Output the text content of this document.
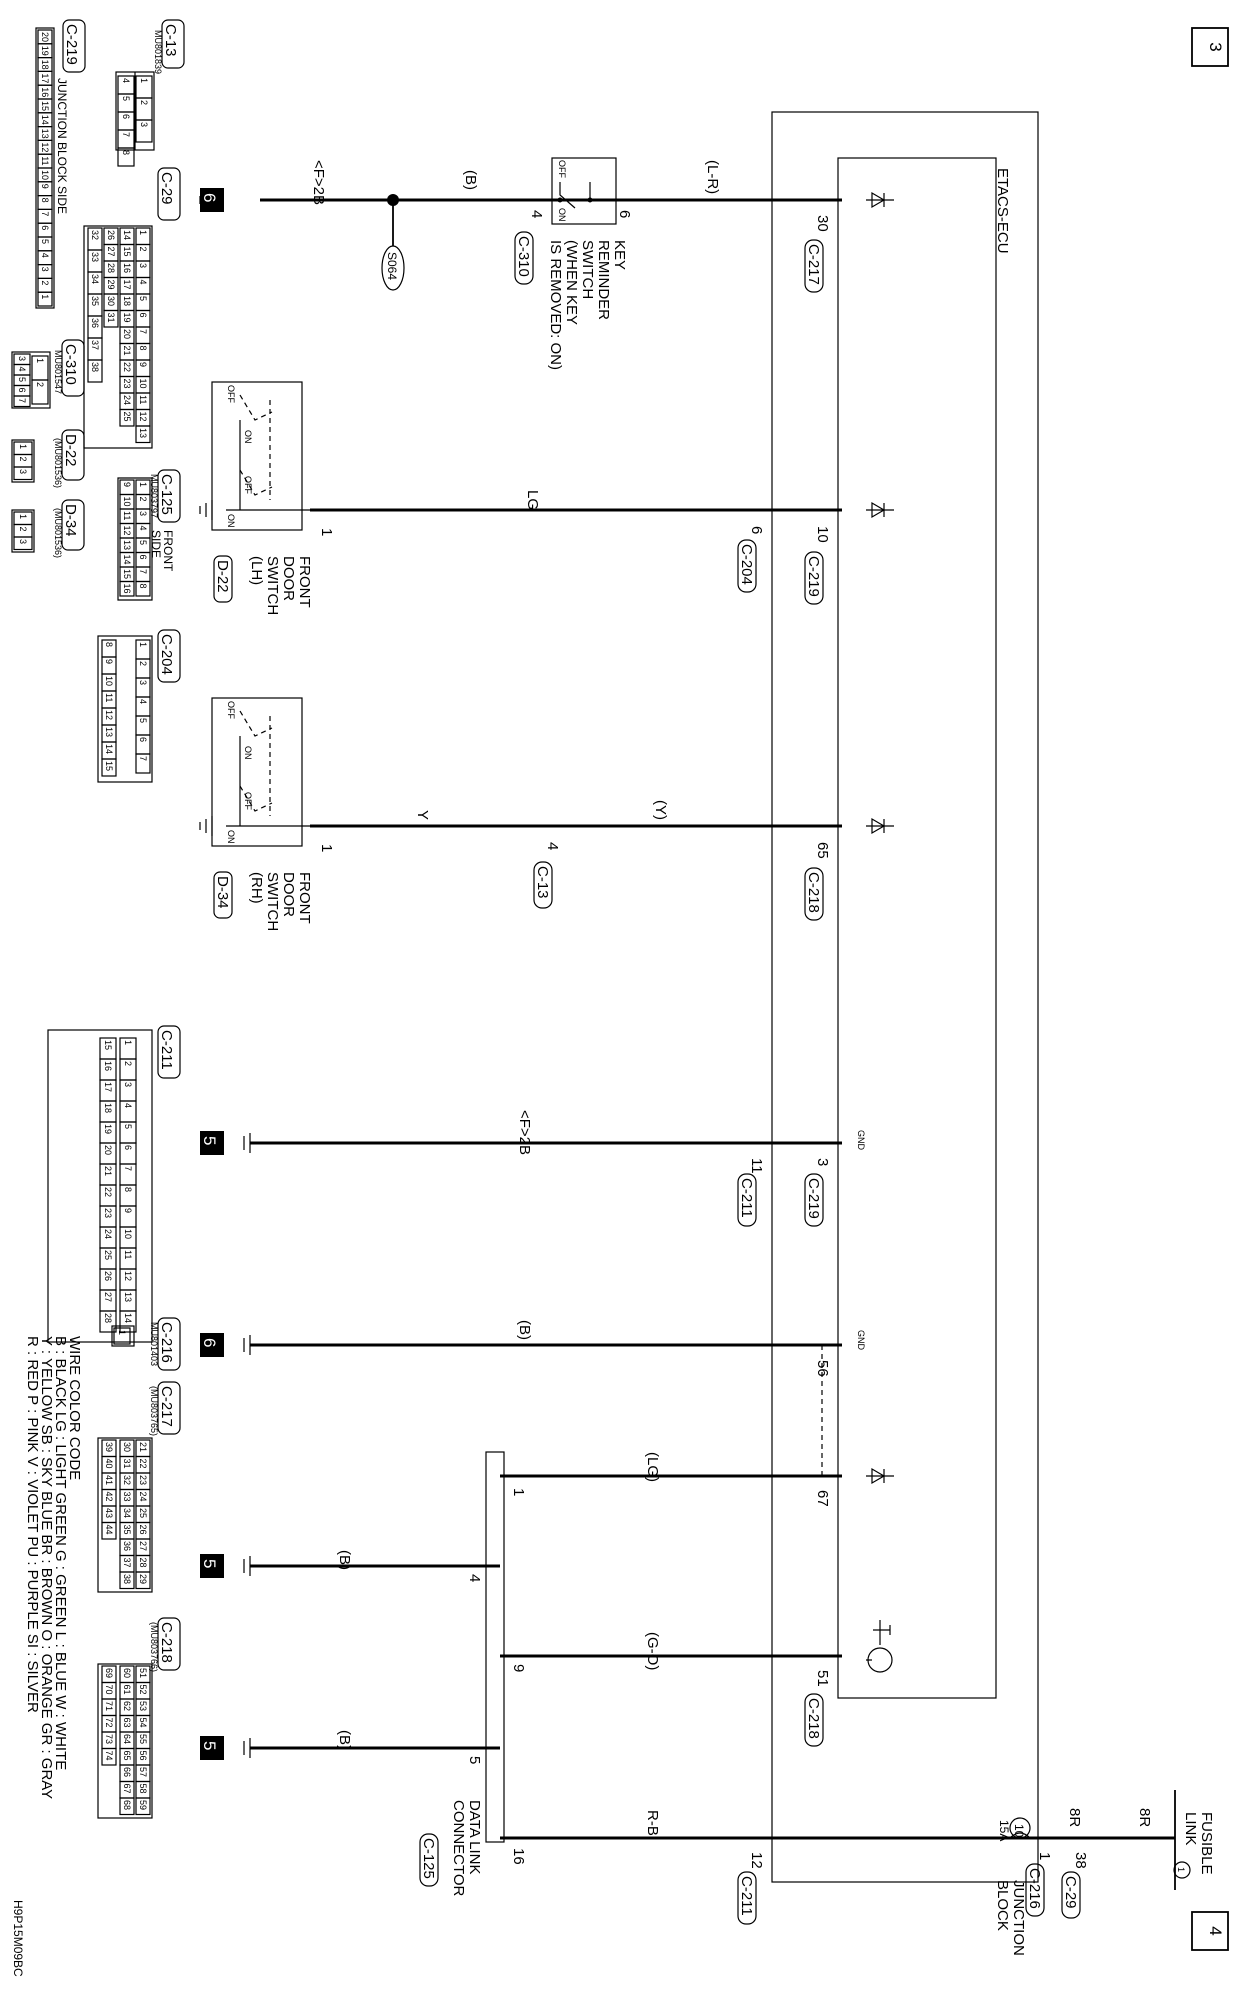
3
4
ETACS-ECU
(L-R)
(B)
<F>2B
LG
(Y)
Y
<F>2B
(B)
(LG)
(B)
(G-O)
(B)
R-B
30
C-217
10
C-219
65
C-218
3
C-219
GND
GND
56
67
51
C-218
6
C-204
11
C-211
12
C-211
4
C-13
OFF
ON	6
4
C-310	KEY
REMINDER
SWITCH
(WHEN KEY
IS REMOVED: ON)
S064
OFF
ON
OFF
ON
1
FRONT
DOOR
SWITCH
(LH)
D-22
OFF
ON
OFF
ON
1
FRONT
DOOR
SWITCH
(RH)
D-34
6
5
6
5
5
1
4
9
5
16
DATA LINK
CONNECTOR
C-125
10
15A
8R	8R
38
C-29
1
C-216
JUNCTION
BLOCK
FUSIBLE
LINK
1
C-13
MU801839
1
2
3
4
5
6
7
8
C-219
JUNCTION BLOCK SIDE
20
19
18
17
16
15
14
13
12
11
10
9
8
7
6
5
4
3
2
1
C-29
1
2
3
4
5
6
7
8
9
10
11
12
13
14
15
16
17
18
19
20
21
22
23
24
25
26
27
28
29
30
31
32
33
34
35
36
37
38
C-310
MU801547
1
2
3
4
5
6
7
D-22
(MU801536)
1
2
3
D-34
(MU801536)
1
2
3
C-125
MU803797
FRONT
SIDE
1
2
3
4
5
6
7
8
9
10
11
12
13
14
15
16
C-204
1
2
3
4
5
6
7
8
9
10
11
12
13
14
15
C-211
1
2
3
4
5
6
7
8
9
10
11
12
13
14
15
16
17
18
19
20
21
22
23
24
25
26
27
28
C-216
MU801403
1
C-217
(MU803765)
21
22
23
24
25
26
27
28
29
30
31
32
33
34
35
36
37
38
39
40
41
42
43
44
C-218
(MU803766)
51
52
53
54
55
56
57
58
59
60
61
62
63
64
65
66
67
68
69
70
71
72
73
74
WIRE COLOR CODE
B : BLACK LG : LIGHT GREEN G : GREEN L : BLUE W : WHITE
Y : YELLOW SB : SKY BLUE BR : BROWN O : ORANGE GR : GRAY
R : RED P : PINK V : VIOLET PU : PURPLE SI : SILVER
H9P15M09BC
